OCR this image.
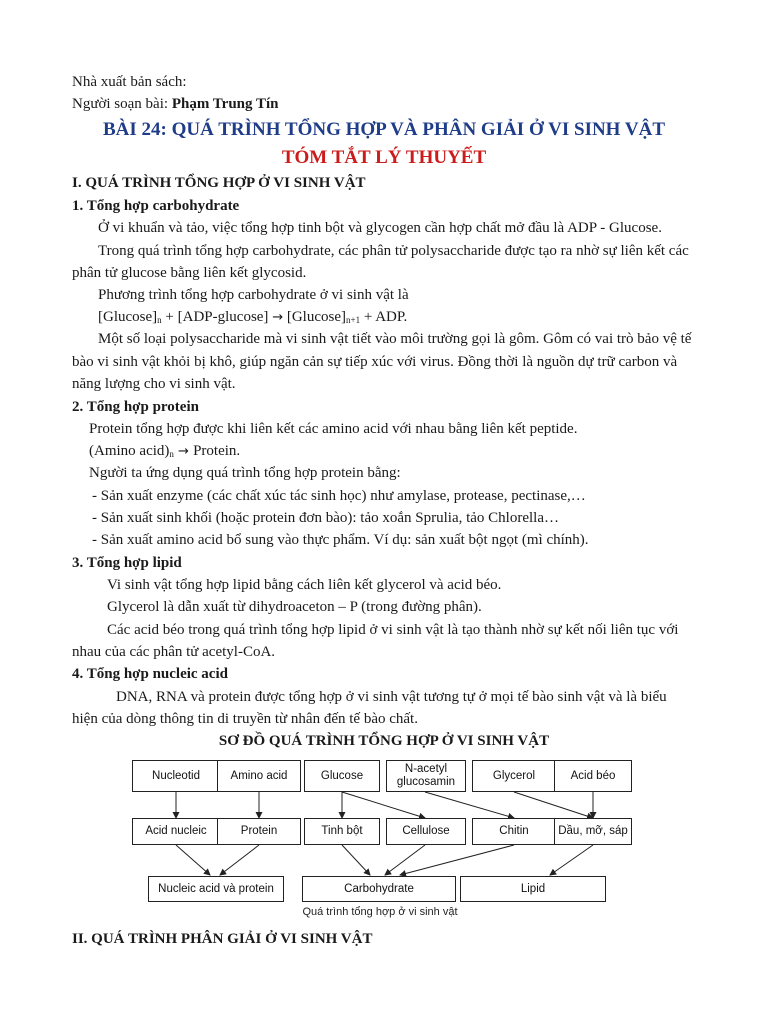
Nhà xuất bản sách:
Người soạn bài: Phạm Trung Tín
BÀI 24: QUÁ TRÌNH TỔNG HỢP VÀ PHÂN GIẢI Ở VI SINH VẬT
TÓM TẮT LÝ THUYẾT
I. QUÁ TRÌNH TỔNG HỢP Ở VI SINH VẬT
1. Tổng hợp carbohydrate
Ở vi khuẩn và tảo, việc tổng hợp tinh bột và glycogen cần hợp chất mở đầu là ADP - Glucose.
Trong quá trình tổng hợp carbohydrate, các phân tử polysaccharide được tạo ra nhờ sự liên kết các
phân tử glucose bằng liên kết glycosid.
Phương trình tổng hợp carbohydrate ở vi sinh vật là
$[Glucose]_n + [ADP-glucose] \to [Glucose]_{n+1}$ + ADP.
Một số loại polysaccharide mà vi sinh vật tiết vào môi trường gọi là gôm. Gôm có vai trò bảo vệ tế
bào vi sinh vật khỏi bị khô, giúp ngăn cản sự tiếp xúc với virus. Đồng thời là nguồn dự trữ carbon và
năng lượng cho vi sinh vật.
2. Tổng hợp protein
Protein tổng hợp được khi liên kết các amino acid với nhau bằng liên kết peptide.
(Amino $acid)_n$ → Protein.
Người ta ứng dụng quá trình tổng hợp protein bằng:
- Sản xuất enzyme (các chất xúc tác sinh học) như amylase, protease, pectinase,…
- Sản xuất sinh khối (hoặc protein đơn bào): tảo xoắn Sprulia, tảo Chlorella…
- Sản xuất amino acid bổ sung vào thực phẩm. Ví dụ: sản xuất bột ngọt (mì chính).
3. Tổng hợp lipid
Vi sinh vật tổng hợp lipid bằng cách liên kết glycerol và acid béo.
Glycerol là dẫn xuất từ dihydroaceton – P (trong đường phân).
Các acid béo trong quá trình tổng hợp lipid ở vi sinh vật là tạo thành nhờ sự kết nối liên tục với
nhau của các phân tử acetyl-CoA.
4. Tổng hợp nucleic acid
DNA, RNA và protein được tổng hợp ở vi sinh vật tương tự ở mọi tế bào sinh vật và là biểu
hiện của dòng thông tin di truyền từ nhân đến tế bào chất.
SƠ ĐỒ QUÁ TRÌNH TỔNG HỢP Ở VI SINH VẬT
Nucleotid	Amino acid	Glucose
N-acetyl glucosamin
Glycerol	Acid béo
Acid nucleic	Protein	Tinh bột	Cellulose	Chitin	Dầu, mỡ, sáp
Nucleic acid và protein	Carbohydrate	Lipid
Quá trình tổng hợp ở vi sinh vật
II. QUÁ TRÌNH PHÂN GIẢI Ở VI SINH VẬT
